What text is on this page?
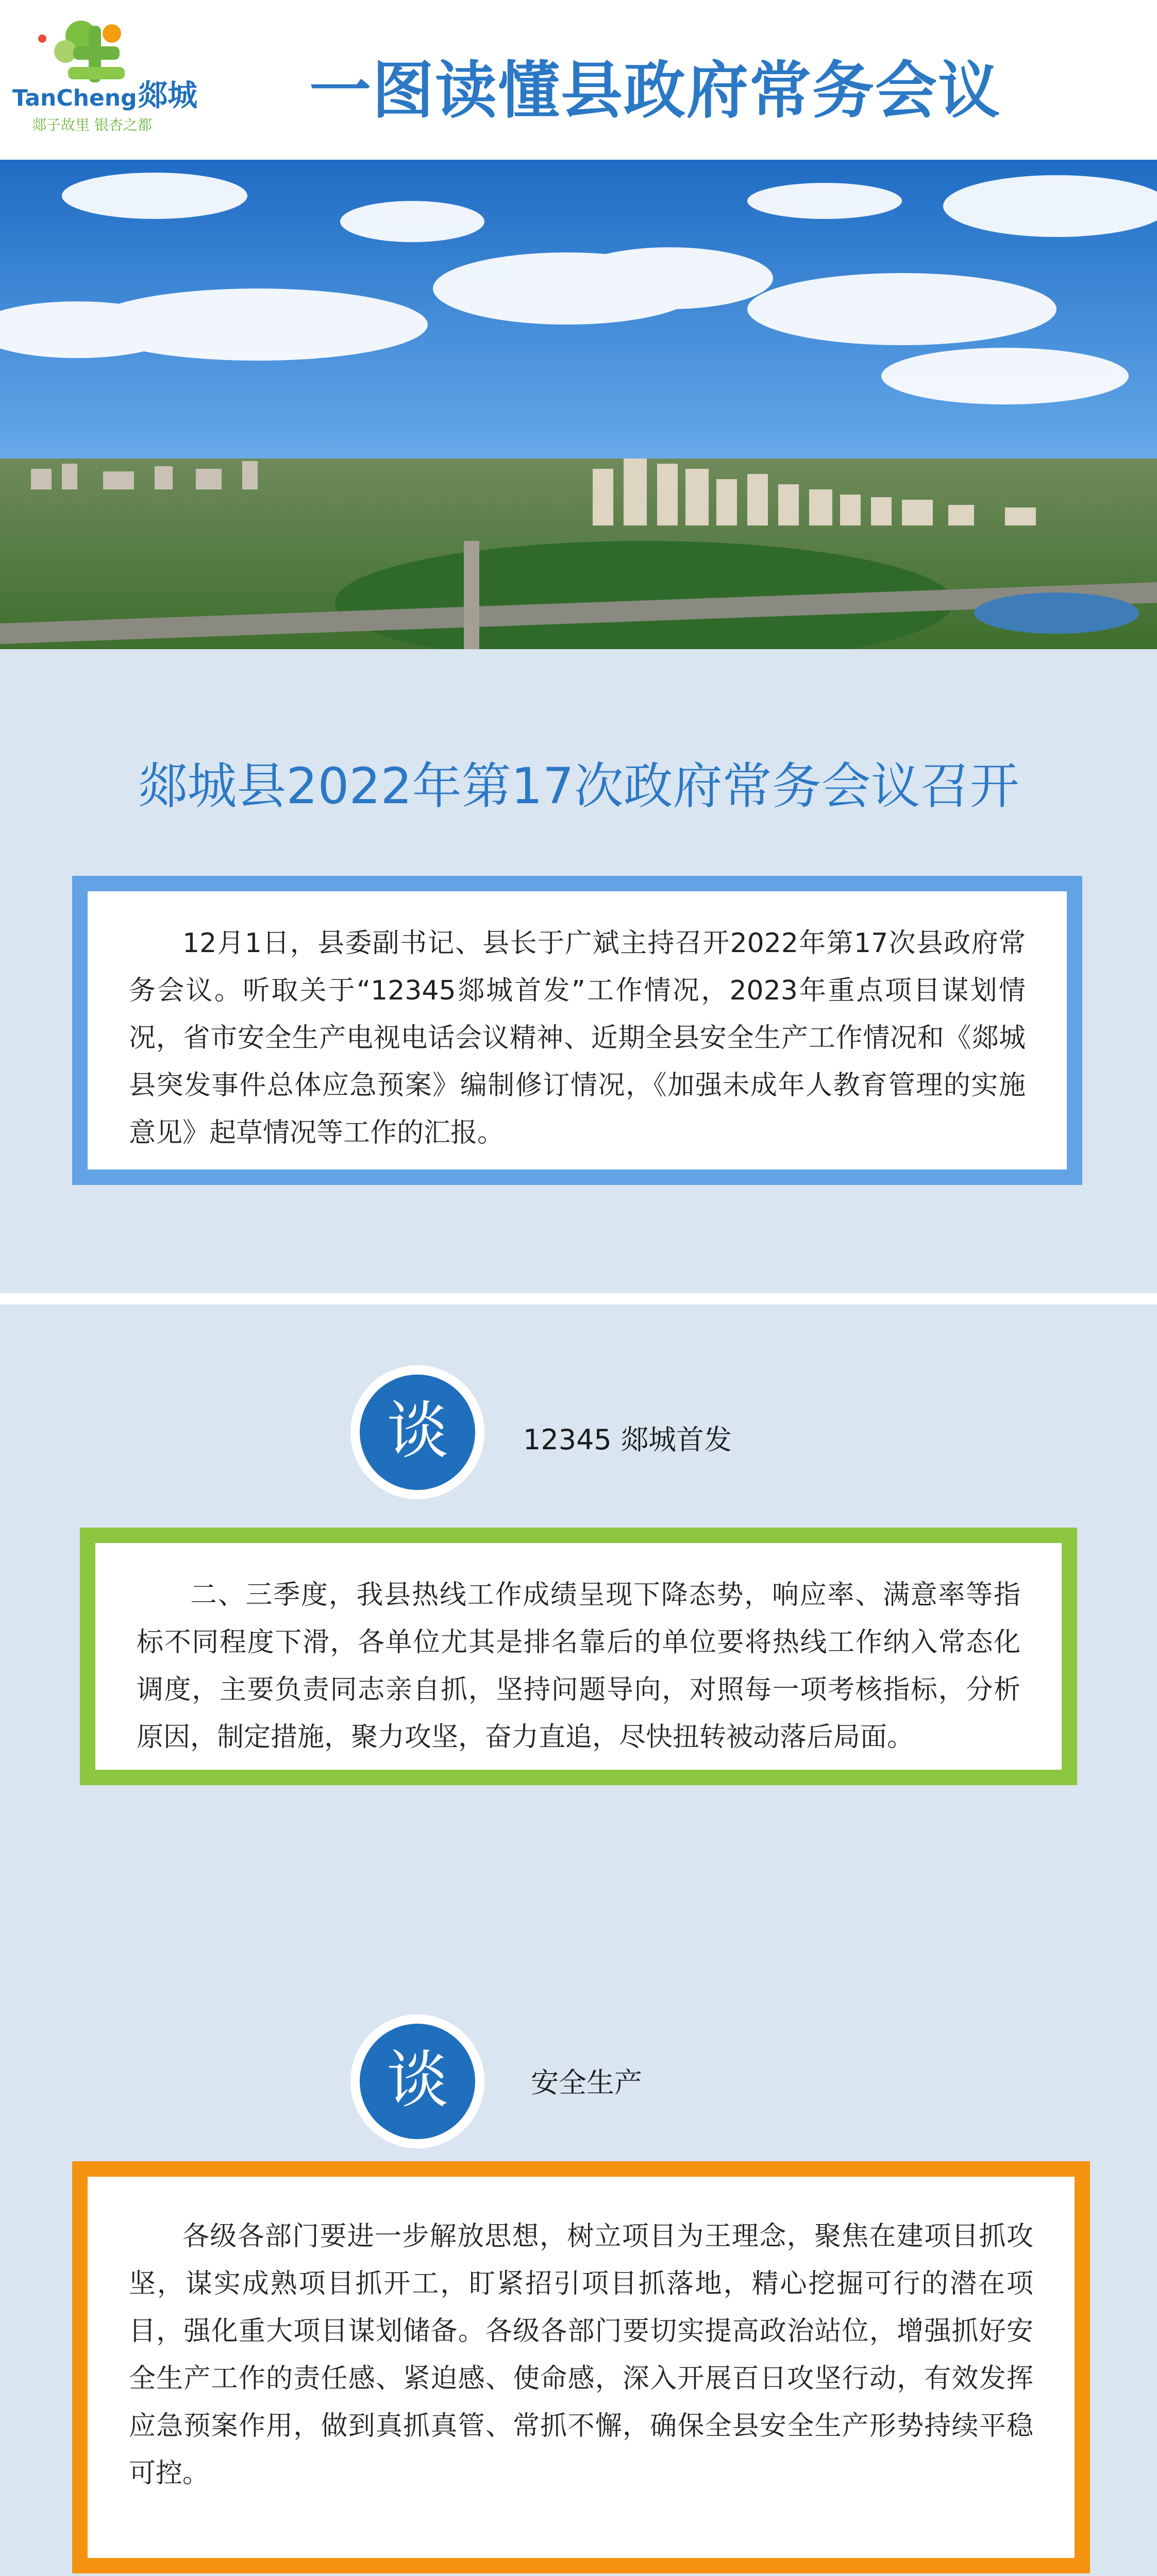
TanCheng 郯城
郯子故里 银杏之都	一图读懂县政府常务会议
郯城县2022年第17次政府常务会议召开
12月1日，县委副书记、县长于广斌主持召开2022年第17次县政府常务会议。听取关于“12345郯城首发”工作情况，2023年重点项目谋划情况，省市安全生产电视电话会议精神、近期全县安全生产工作情况和《郯城县突发事件总体应急预案》编制修订情况，《加强未成年人教育管理的实施意见》起草情况等工作的汇报。
谈	12345 郯城首发
二、三季度，我县热线工作成绩呈现下降态势，响应率、满意率等指标不同程度下滑，各单位尤其是排名靠后的单位要将热线工作纳入常态化调度，主要负责同志亲自抓，坚持问题导向，对照每一项考核指标，分析原因，制定措施，聚力攻坚，奋力直追，尽快扭转被动落后局面。
谈	安全生产
各级各部门要进一步解放思想，树立项目为王理念，聚焦在建项目抓攻坚，谋实成熟项目抓开工，盯紧招引项目抓落地，精心挖掘可行的潜在项目，强化重大项目谋划储备。各级各部门要切实提高政治站位，增强抓好安全生产工作的责任感、紧迫感、使命感，深入开展百日攻坚行动，有效发挥应急预案作用，做到真抓真管、常抓不懈，确保全县安全生产形势持续平稳可控。
